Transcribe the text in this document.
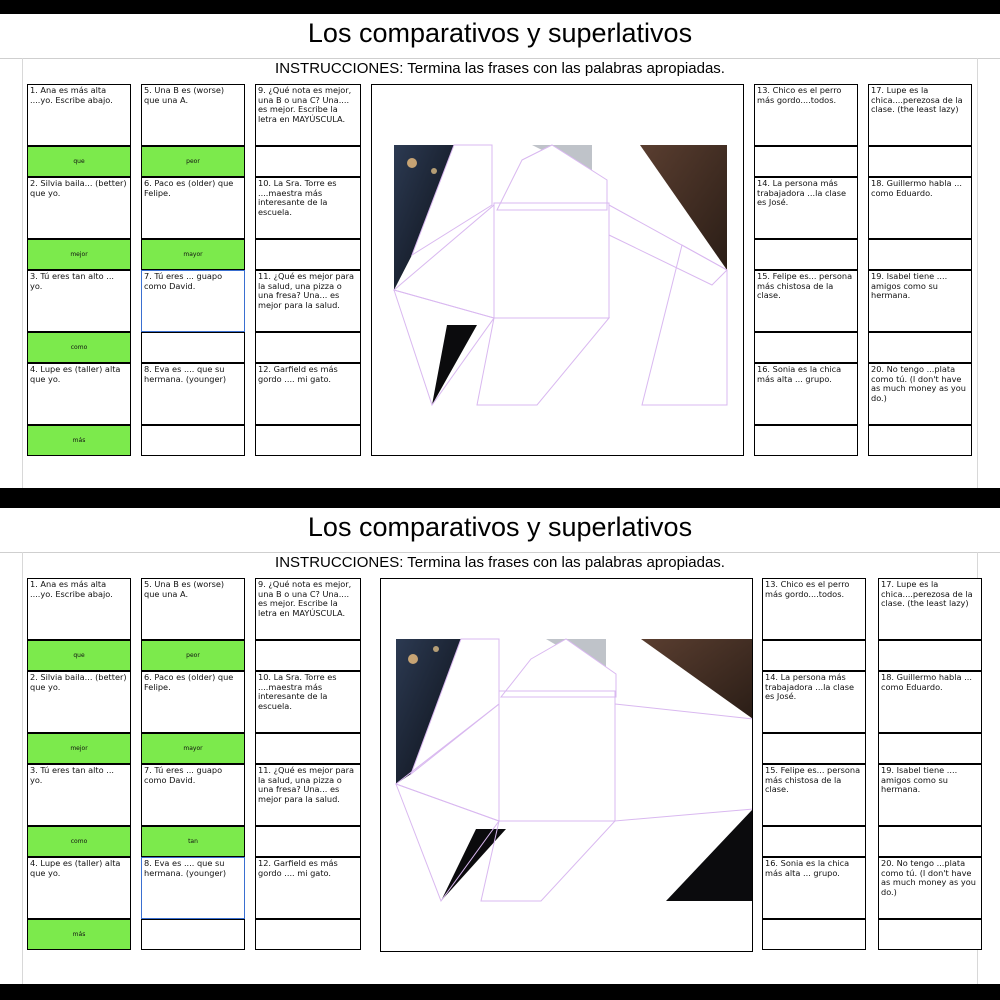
Los comparativos y superlativos
INSTRUCCIONES: Termina las frases con las palabras apropiadas.
1. Ana es más alta ....yo. Escribe abajo.
que
2. Silvia baila... (better) que yo.
mejor
3. Tú eres tan alto ... yo.
como
4. Lupe es (taller) alta que yo.
más
5. Una B es (worse) que una A.
peor
6. Paco es (older) que Felipe.
mayor
7. Tú eres ... guapo como David.
8. Eva es .... que su hermana. (younger)
9. ¿Qué nota es mejor, una B o una C? Una.... es mejor. Escribe la letra en MAYÚSCULA.
10. La Sra. Torre es ....maestra más interesante de la escuela.
11. ¿Qué es mejor para la salud, una pizza o una fresa? Una... es mejor para la salud.
12. Garfield es más gordo .... mi gato.
13. Chico es el perro más gordo....todos.
14. La persona más trabajadora ...la clase es José.
15. Felipe es... persona más chistosa de la clase.
16. Sonia es la chica más alta ... grupo.
17. Lupe es la chica....perezosa de la clase. (the least lazy)
18. Guillermo habla ... como Eduardo.
19. Isabel tiene .... amigos como su hermana.
20. No tengo ...plata como tú. (I don't have as much money as you do.)
Los comparativos y superlativos
INSTRUCCIONES: Termina las frases con las palabras apropiadas.
1. Ana es más alta ....yo. Escribe abajo.
que
2. Silvia baila... (better) que yo.
mejor
3. Tú eres tan alto ... yo.
como
4. Lupe es (taller) alta que yo.
más
5. Una B es (worse) que una A.
peor
6. Paco es (older) que Felipe.
mayor
7. Tú eres ... guapo como David.
tan
8. Eva es .... que su hermana. (younger)
9. ¿Qué nota es mejor, una B o una C? Una.... es mejor. Escribe la letra en MAYÚSCULA.
10. La Sra. Torre es ....maestra más interesante de la escuela.
11. ¿Qué es mejor para la salud, una pizza o una fresa? Una... es mejor para la salud.
12. Garfield es más gordo .... mi gato.
13. Chico es el perro más gordo....todos.
14. La persona más trabajadora ...la clase es José.
15. Felipe es... persona más chistosa de la clase.
16. Sonia es la chica más alta ... grupo.
17. Lupe es la chica....perezosa de la clase. (the least lazy)
18. Guillermo habla ... como Eduardo.
19. Isabel tiene .... amigos como su hermana.
20. No tengo ...plata como tú. (I don't have as much money as you do.)
